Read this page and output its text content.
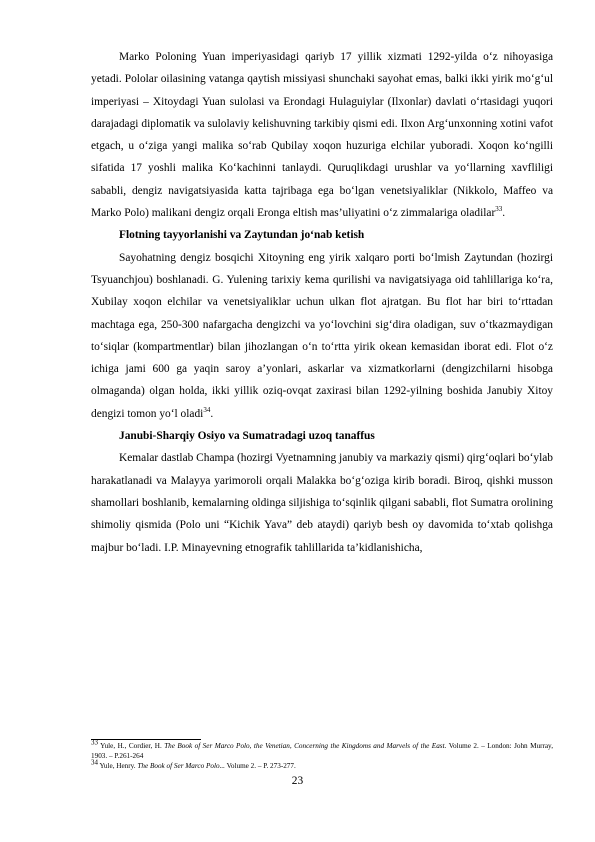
Marko Poloning Yuan imperiyasidagi qariyb 17 yillik xizmati 1292-yilda o‘z nihoyasiga yetadi. Pololar oilasining vatanga qaytish missiyasi shunchaki sayohat emas, balki ikki yirik mo‘g‘ul imperiyasi – Xitoydagi Yuan sulolasi va Erondagi Hulaguiylar (Ilxonlar) davlati o‘rtasidagi yuqori darajadagi diplomatik va sulolaviy kelishuvning tarkibiy qismi edi. Ilxon Arg‘unxonning xotini vafot etgach, u o‘ziga yangi malika so‘rab Qubilay xoqon huzuriga elchilar yuboradi. Xoqon ko‘ngilli sifatida 17 yoshli malika Ko‘kachinni tanlaydi. Quruqlikdagi urushlar va yo‘llarning xavfliligi sababli, dengiz navigatsiyasida katta tajribaga ega bo‘lgan venetsiyaliklar (Nikkolo, Maffeo va Marko Polo) malikani dengiz orqali Eronga eltish mas’uliyatini o‘z zimmalariga oladilar$^{33}$.

Flotning tayyorlanishi va Zaytundan jo‘nab ketish

Sayohatning dengiz bosqichi Xitoyning eng yirik xalqaro porti bo‘lmish Zaytundan (hozirgi Tsyuanchjou) boshlanadi. G. Yulening tarixiy kema qurilishi va navigatsiyaga oid tahlillariga ko‘ra, Xubilay xoqon elchilar va venetsiyaliklar uchun ulkan flot ajratgan. Bu flot har biri to‘rttadan machtaga ega, 250-300 nafargacha dengizchi va yo‘lovchini sig‘dira oladigan, suv o‘tkazmaydigan to‘siqlar (kompartmentlar) bilan jihozlangan o‘n to‘rtta yirik okean kemasidan iborat edi. Flot o‘z ichiga jami 600 ga yaqin saroy a’yonlari, askarlar va xizmatkorlarni (dengizchilarni hisobga olmaganda) olgan holda, ikki yillik oziq-ovqat zaxirasi bilan 1292-yilning boshida Janubiy Xitoy dengizi tomon yo‘l oladi$^{34}$.

Janubi-Sharqiy Osiyo va Sumatradagi uzoq tanaffus

Kemalar dastlab Champa (hozirgi Vyetnamning janubiy va markaziy qismi) qirg‘oqlari bo‘ylab harakatlanadi va Malayya yarimoroli orqali Malakka bo‘g‘oziga kirib boradi. Biroq, qishki musson shamollari boshlanib, kemalarning oldinga siljishiga to‘sqinlik qilgani sababli, flot Sumatra orolining shimoliy qismida (Polo uni “Kichik Yava” deb ataydi) qariyb besh oy davomida to‘xtab qolishga majbur bo‘ladi. I.P. Minayevning etnografik tahlillarida ta’kidlanishicha,

$^{33}$ Yule, H., Cordier, H. The Book of Ser Marco Polo, the Venetian, Concerning the Kingdoms and Marvels of the East. Volume 2. – London: John Murray, 1903. – P.261-264

$^{34}$ Yule, Henry. The Book of Ser Marco Polo... Volume 2. – P. 273-277.

23
